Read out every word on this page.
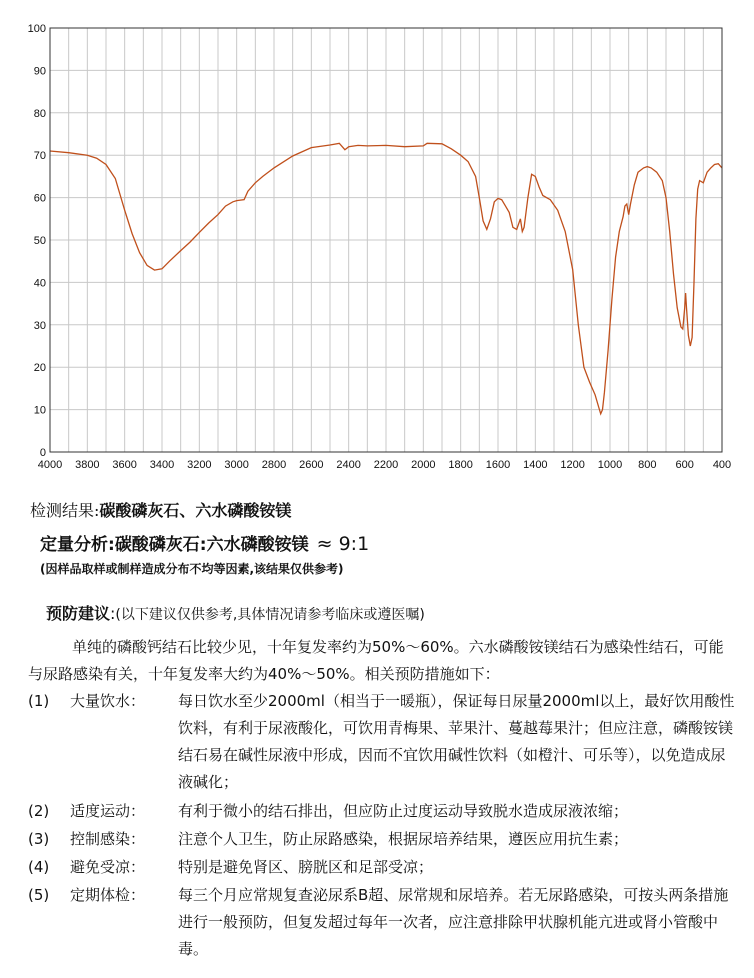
0
10
20
30
40
50
60
70
80
90
100
4000 3800 3600 3400 3200 3000 2800 2600 2400 2200 2000 1800 1600 1400 1200 1000 800 600 400
检测结果:碳酸磷灰石、六水磷酸铵镁
定量分析:碳酸磷灰石:六水磷酸铵镁 ≈ 9:1
(因样品取样或制样造成分布不均等因素,该结果仅供参考)
预防建议:(以下建议仅供参考,具体情况请参考临床或遵医嘱)
单纯的磷酸钙结石比较少见，十年复发率约为50%～60%。六水磷酸铵镁结石为感染性结石，可能与尿路感染有关，十年复发率大约为40%～50%。相关预防措施如下：
(1)	大量饮水：	每日饮水至少2000ml（相当于一暖瓶），保证每日尿量2000ml以上，最好饮用酸性饮料，有利于尿液酸化，可饮用青梅果、苹果汁、蔓越莓果汁；但应注意，磷酸铵镁结石易在碱性尿液中形成，因而不宜饮用碱性饮料（如橙汁、可乐等），以免造成尿液碱化；
(2)	适度运动：	有利于微小的结石排出，但应防止过度运动导致脱水造成尿液浓缩；
(3)	控制感染：	注意个人卫生，防止尿路感染，根据尿培养结果，遵医应用抗生素；
(4)	避免受凉：	特别是避免肾区、膀胱区和足部受凉；
(5)	定期体检：	每三个月应常规复查泌尿系B超、尿常规和尿培养。若无尿路感染，可按头两条措施进行一般预防，但复发超过每年一次者，应注意排除甲状腺机能亢进或肾小管酸中毒。
